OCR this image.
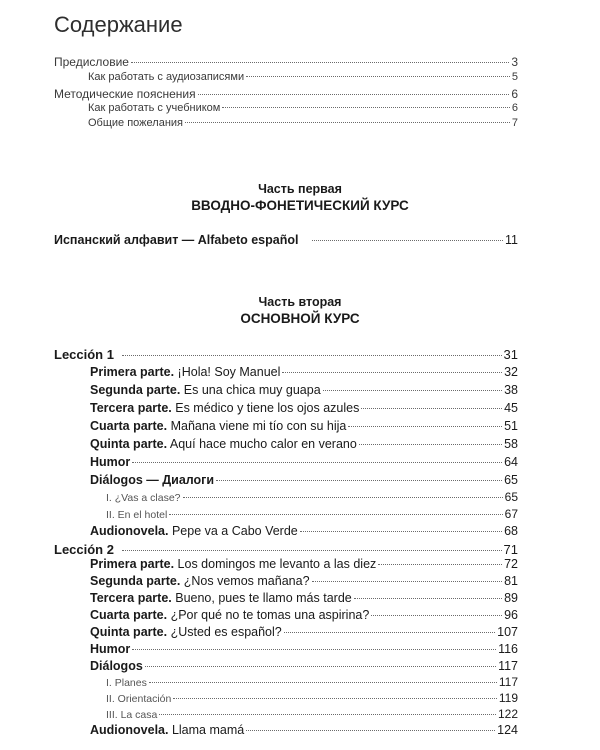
Содержание
Предисловие	3
Как работать с аудиозаписями	5
Методические пояснения	6
Как работать с учебником	6
Общие пожелания	7
Часть первая
ВВОДНО-ФОНЕТИЧЕСКИЙ КУРС
Испанский алфавит — Alfabeto español	11
Часть вторая
ОСНОВНОЙ КУРС
Lección 1	31
Primera parte. ¡Hola! Soy Manuel	32
Segunda parte. Es una chica muy guapa	38
Tercera parte. Es médico y tiene los ojos azules	45
Cuarta parte. Mañana viene mi tío con su hija	51
Quinta parte. Aquí hace mucho calor en verano	58
Humor	64
Diálogos — Диалоги	65
I. ¿Vas a clase?	65
II. En el hotel	67
Audionovela. Pepe va a Cabo Verde	68
Lección 2	71
Primera parte. Los domingos me levanto a las diez	72
Segunda parte. ¿Nos vemos mañana?	81
Tercera parte. Bueno, pues te llamo más tarde	89
Cuarta parte. ¿Por qué no te tomas una aspirina?	96
Quinta parte. ¿Usted es español?	107
Humor	116
Diálogos	117
I. Planes	117
II. Orientación	119
III. La casa	122
Audionovela. Llama mamá	124
